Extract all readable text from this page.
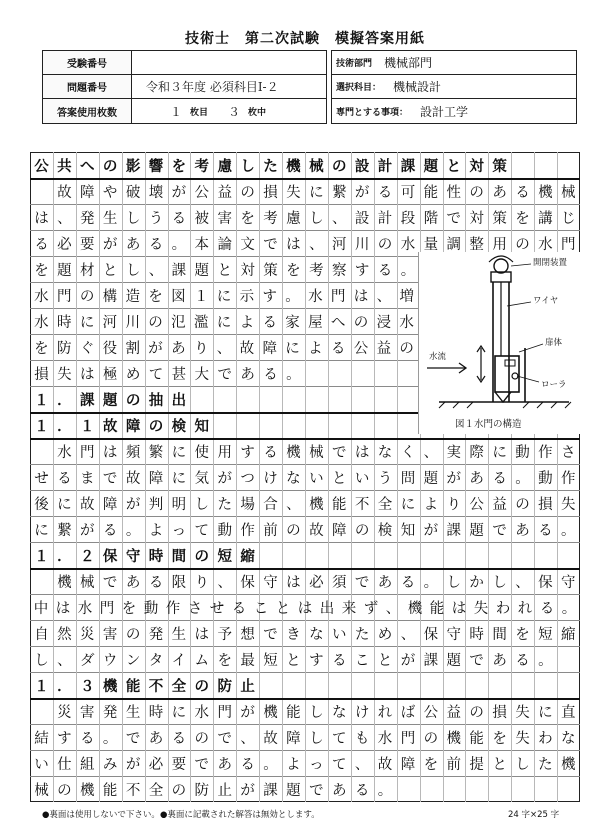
技術士　第二次試験　模擬答案用紙
受験番号
問題番号	令和３年度 必須科目Ⅰ-２
答案使用枚数	１ 枚目 ３ 枚中
技術部門 機械部門
選択科目： 機械設計
専門とする事項： 設計工学
公 共 へ の 影 響 を 考 慮 し た 機 械 の 設 計 課 題 と 対 策

故 障 や 破 壊 が 公 益 の 損 失 に 繋 が る 可 能 性 の あ る 機 械
は 、 発 生 し う る 被 害 を 考 慮 し 、 設 計 段 階 で 対 策 を 講 じ
る 必 要 が あ る 。 本 論 文 で は 、 河 川 の 水 量 調 整 用 の 水 門
を 題 材 と し 、 課 題 と 対 策 を 考 察 す る 。
水 門 の 構 造 を 図 １ に 示 す 。 水 門 は 、 増
水 時 に 河 川 の 氾 濫 に よ る 家 屋 へ の 浸 水
を 防 ぐ 役 割 が あ り 、 故 障 に よ る 公 益 の
損 失 は 極 め て 甚 大 で あ る 。
１ ． 課 題 の 抽 出
１ ． １ 故 障 の 検 知

水 門 は 頻 繁 に 使 用 す る 機 械 で は な く 、 実 際 に 動 作 さ
せ る ま で 故 障 に 気 が つ け な い と い う 問 題 が あ る 。 動 作
後 に 故 障 が 判 明 し た 場 合 、 機 能 不 全 に よ り 公 益 の 損 失
に 繋 が る 。 よ っ て 動 作 前 の 故 障 の 検 知 が 課 題 で あ る 。
１ ． ２ 保 守 時 間 の 短 縮

機 械 で あ る 限 り 、 保 守 は 必 須 で あ る 。 し か し 、 保 守
中 は 水 門 を 動 作 さ せ る こ と は 出 来 ず 、 機 能 は 失 わ れ る 。
自 然 災 害 の 発 生 は 予 想 で き な い た め 、 保 守 時 間 を 短 縮
し 、 ダ ウ ン タ イ ム を 最 短 と す る こ と が 課 題 で あ る 。
１ ． ３ 機 能 不 全 の 防 止

災 害 発 生 時 に 水 門 が 機 能 し な け れ ば 公 益 の 損 失 に 直
結 す る 。 で あ る の で 、 故 障 し て も 水 門 の 機 能 を 失 わ な
い 仕 組 み が 必 要 で あ る 。 よ っ て 、 故 障 を 前 提 と し た 機
械 の 機 能 不 全 の 防 止 が 課 題 で あ る 。
開閉装置
ワイヤ
扉体
水流
ローラ
図１水門の構造
●裏面は使用しないで下さい。 ●裏面に記載された解答は無効とします。	24 字×25 字
